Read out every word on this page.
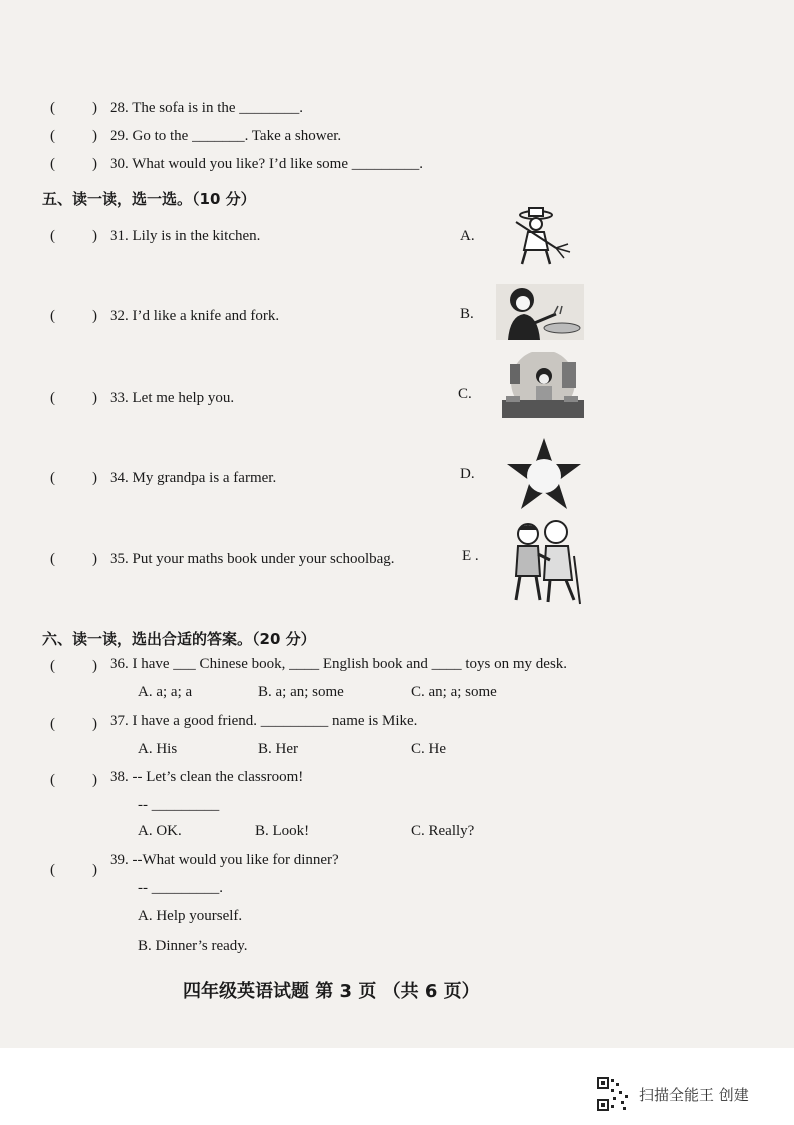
( ) 28. The sofa is in the ________.
( ) 29. Go to the _______. Take a shower.
( ) 30. What would you like? I’d like some _________.
五、读一读，选一选。（10 分）
( ) 31. Lily is in the kitchen.	A.
( ) 32. I’d like a knife and fork.	B.
( ) 33. Let me help you.	C.
( ) 34. My grandpa is a farmer.	D.
( ) 35. Put your maths book under your schoolbag.	E .
六、读一读，选出合适的答案。（20 分）
( ) 36. I have ___ Chinese book, ____ English book and ____ toys on my desk.
A. a; a; a	B. a; an; some	C. an; a; some
( ) 37. I have a good friend. _________ name is Mike.
A. His	B. Her	C. He
( ) 38. -- Let’s clean the classroom!
-- _________
A. OK.	B. Look!	C. Really?
( )
39. --What would you like for dinner?
-- _________.
A. Help yourself.
B. Dinner’s ready.
四年级英语试题 第 3 页 （共 6 页）
扫描全能王 创建
